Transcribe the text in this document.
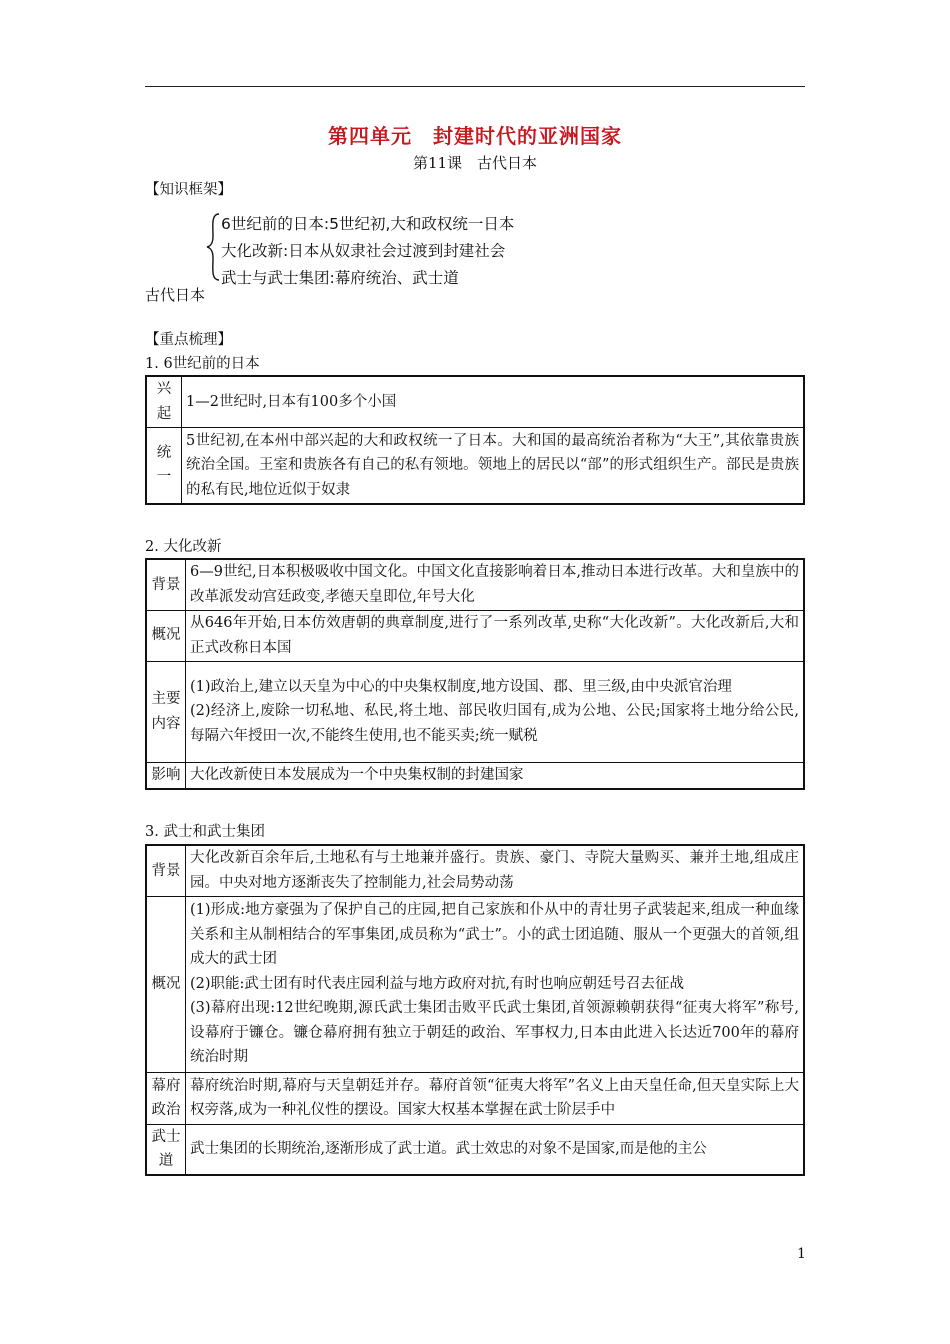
第四单元　封建时代的亚洲国家
第11课　古代日本
【知识框架】
古代日本
6世纪前的日本:5世纪初,大和政权统一日本
大化改新:日本从奴隶社会过渡到封建社会
武士与武士集团:幕府统治、武士道
【重点梳理】
1. 6世纪前的日本
兴起	1—2世纪时,日本有100多个小国
统一	5世纪初,在本州中部兴起的大和政权统一了日本。大和国的最高统治者称为“大王”,其依靠贵族统治全国。王室和贵族各有自己的私有领地。领地上的居民以“部”的形式组织生产。部民是贵族的私有民,地位近似于奴隶
2. 大化改新
背景	6—9世纪,日本积极吸收中国文化。中国文化直接影响着日本,推动日本进行改革。大和皇族中的改革派发动宫廷政变,孝德天皇即位,年号大化
概况	从646年开始,日本仿效唐朝的典章制度,进行了一系列改革,史称“大化改新”。大化改新后,大和正式改称日本国
主要内容	(1)政治上,建立以天皇为中心的中央集权制度,地方设国、郡、里三级,由中央派官治理
(2)经济上,废除一切私地、私民,将土地、部民收归国有,成为公地、公民;国家将土地分给公民,每隔六年授田一次,不能终生使用,也不能买卖;统一赋税

影响	大化改新使日本发展成为一个中央集权制的封建国家
3. 武士和武士集团
背景	大化改新百余年后,土地私有与土地兼并盛行。贵族、豪门、寺院大量购买、兼并土地,组成庄园。中央对地方逐渐丧失了控制能力,社会局势动荡
概况	(1)形成:地方豪强为了保护自己的庄园,把自己家族和仆从中的青壮男子武装起来,组成一种血缘关系和主从制相结合的军事集团,成员称为“武士”。小的武士团追随、服从一个更强大的首领,组成大的武士团
(2)职能:武士团有时代表庄园利益与地方政府对抗,有时也响应朝廷号召去征战
(3)幕府出现:12世纪晚期,源氏武士集团击败平氏武士集团,首领源赖朝获得“征夷大将军”称号,设幕府于镰仓。镰仓幕府拥有独立于朝廷的政治、军事权力,日本由此进入长达近700年的幕府统治时期

幕府政治	幕府统治时期,幕府与天皇朝廷并存。幕府首领“征夷大将军”名义上由天皇任命,但天皇实际上大权旁落,成为一种礼仪性的摆设。国家大权基本掌握在武士阶层手中
武士道	武士集团的长期统治,逐渐形成了武士道。武士效忠的对象不是国家,而是他的主公
1
